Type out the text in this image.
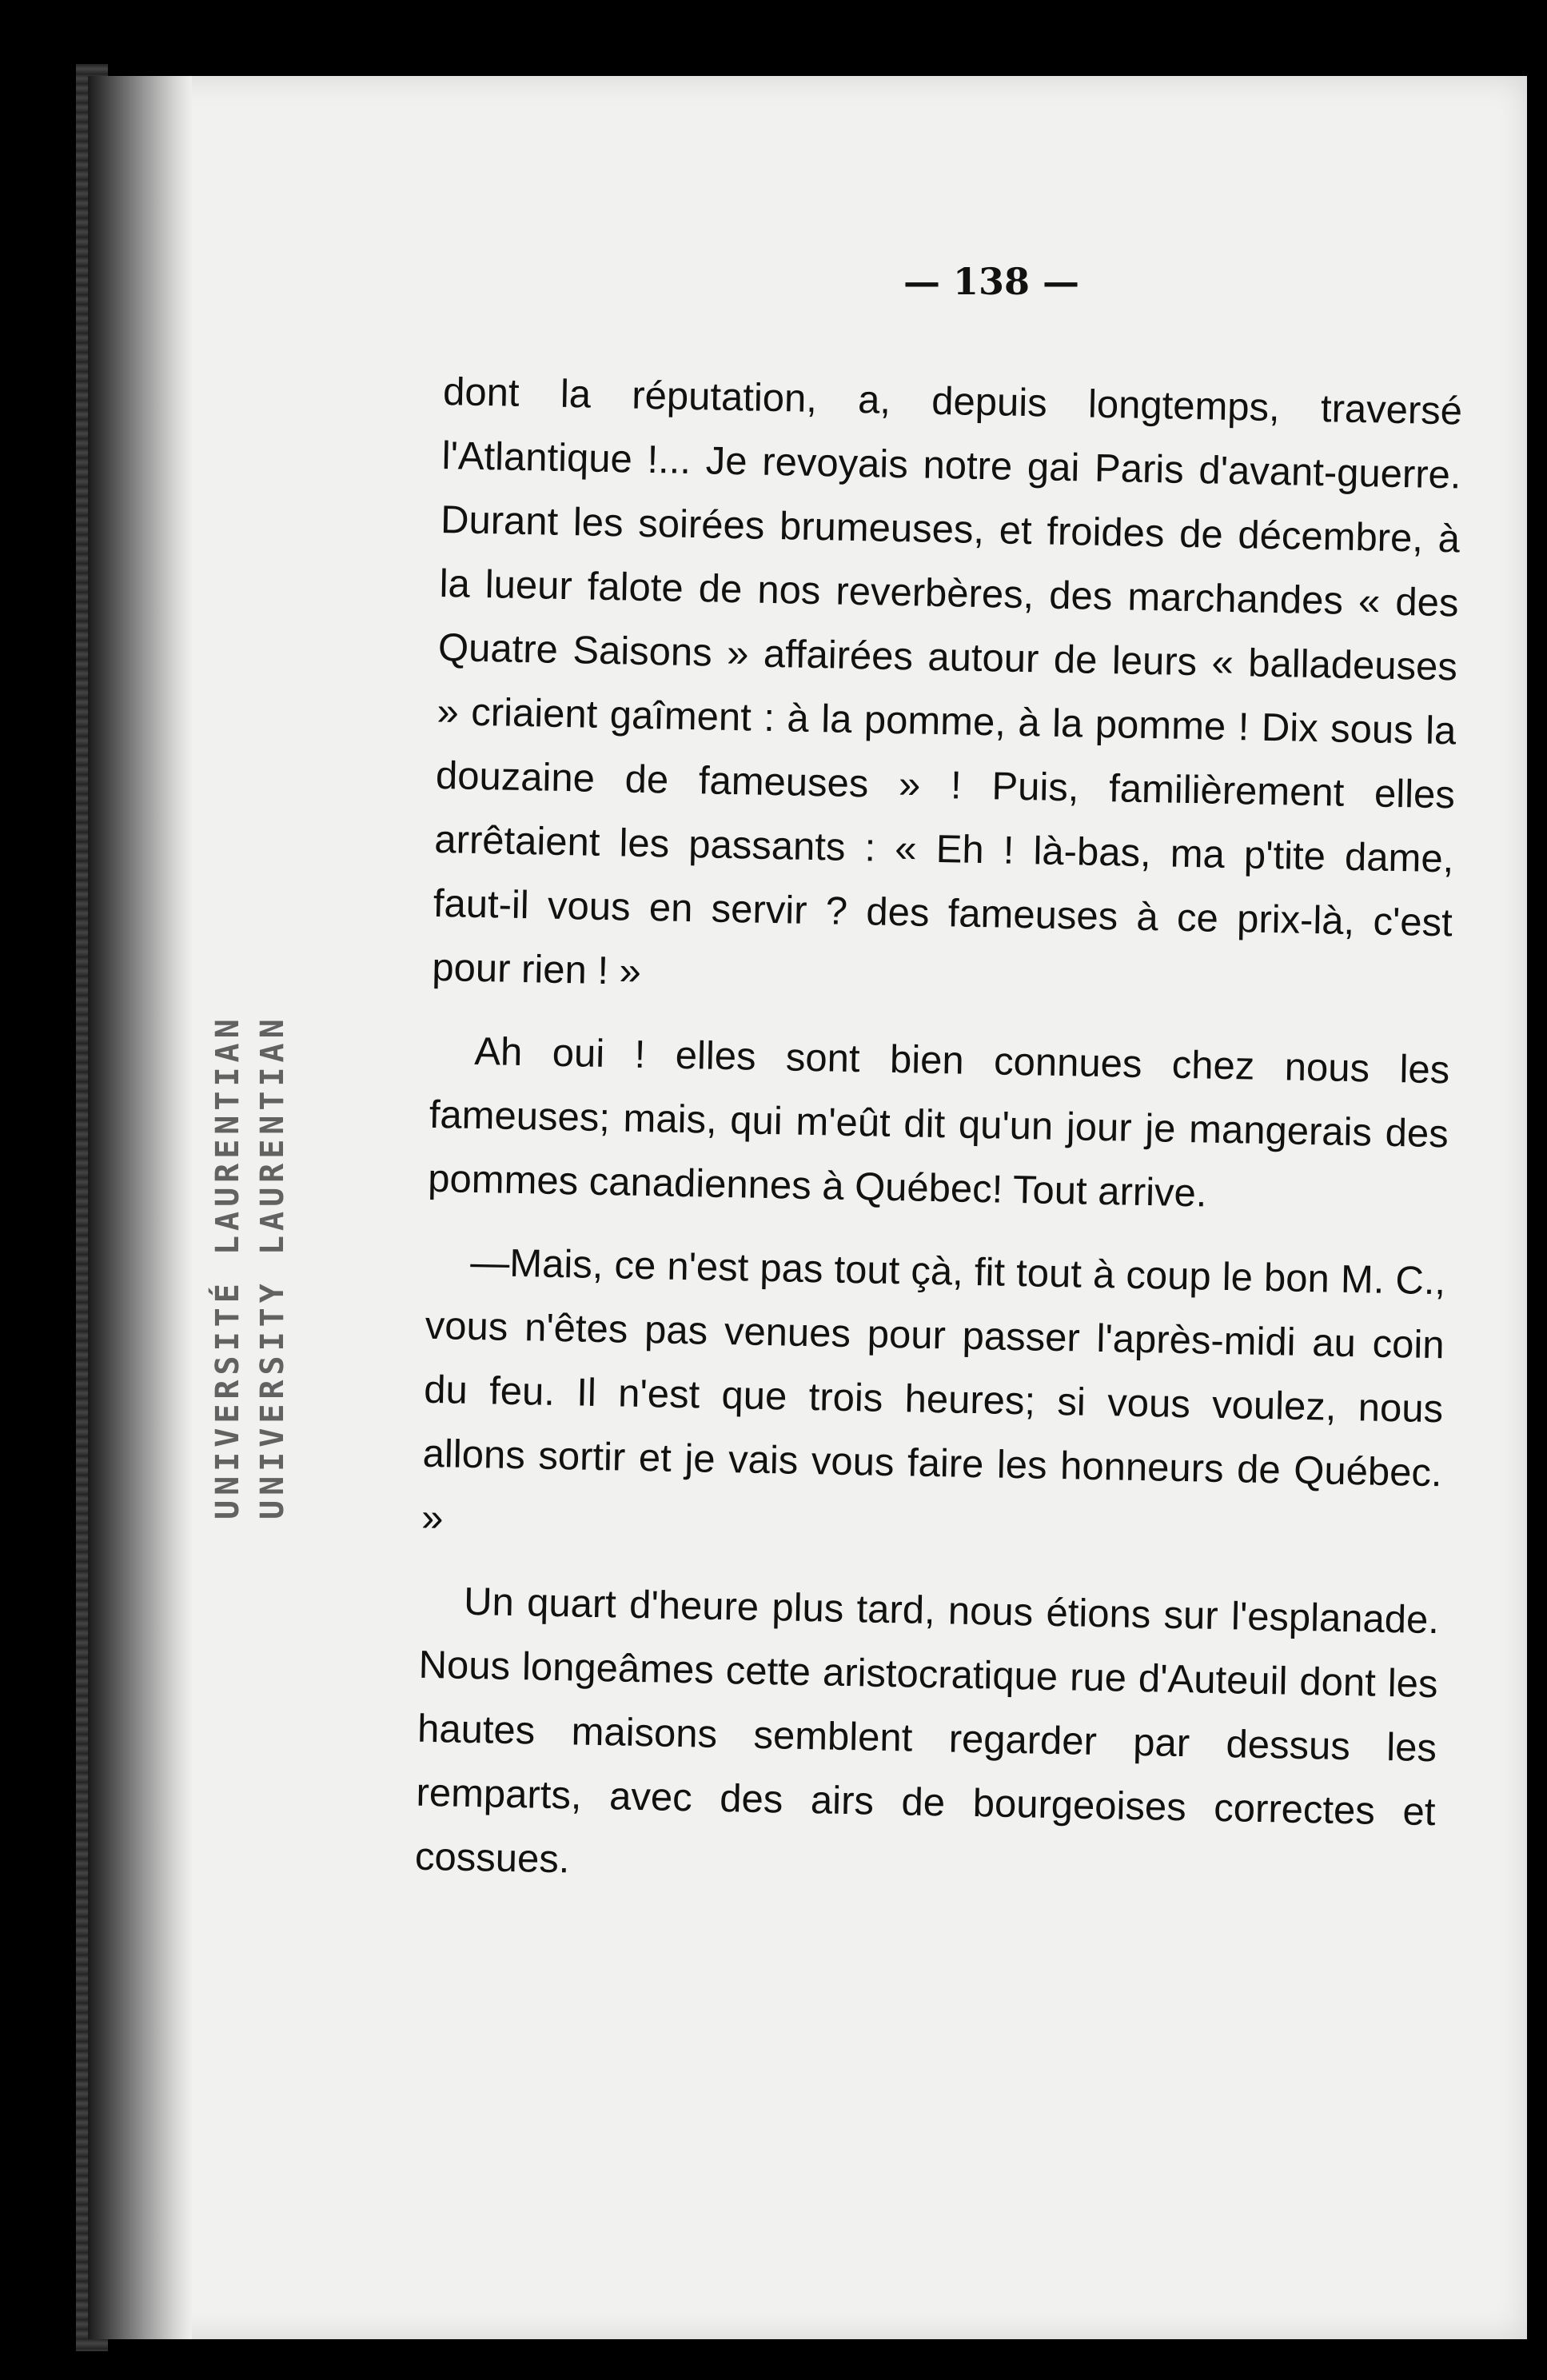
UNIVERSITÉ LAURENTIAN UNIVERSITY LAURENTIAN
— 138 —

dont la réputation, a, depuis longtemps, traversé l'Atlantique !... Je revoyais notre gai Paris d'avant-guerre. Durant les soirées brumeuses, et froides de décembre, à la lueur falote de nos reverbères, des marchandes « des Quatre Saisons » affairées autour de leurs « balladeuses » criaient gaîment : à la pomme, à la pomme ! Dix sous la douzaine de fameuses » ! Puis, familièrement elles arrêtaient les passants : « Eh ! là-bas, ma p'tite dame, faut-il vous en servir ? des fameuses à ce prix-là, c'est pour rien ! »

Ah oui ! elles sont bien connues chez nous les fameuses; mais, qui m'eût dit qu'un jour je mangerais des pommes canadiennes à Québec! Tout arrive.

—Mais, ce n'est pas tout çà, fit tout à coup le bon M. C., vous n'êtes pas venues pour passer l'après-midi au coin du feu. Il n'est que trois heures; si vous voulez, nous allons sortir et je vais vous faire les honneurs de Québec. »

Un quart d'heure plus tard, nous étions sur l'esplanade. Nous longeâmes cette aristocratique rue d'Auteuil dont les hautes maisons semblent regarder par dessus les remparts, avec des airs de bourgeoises correctes et cossues.
